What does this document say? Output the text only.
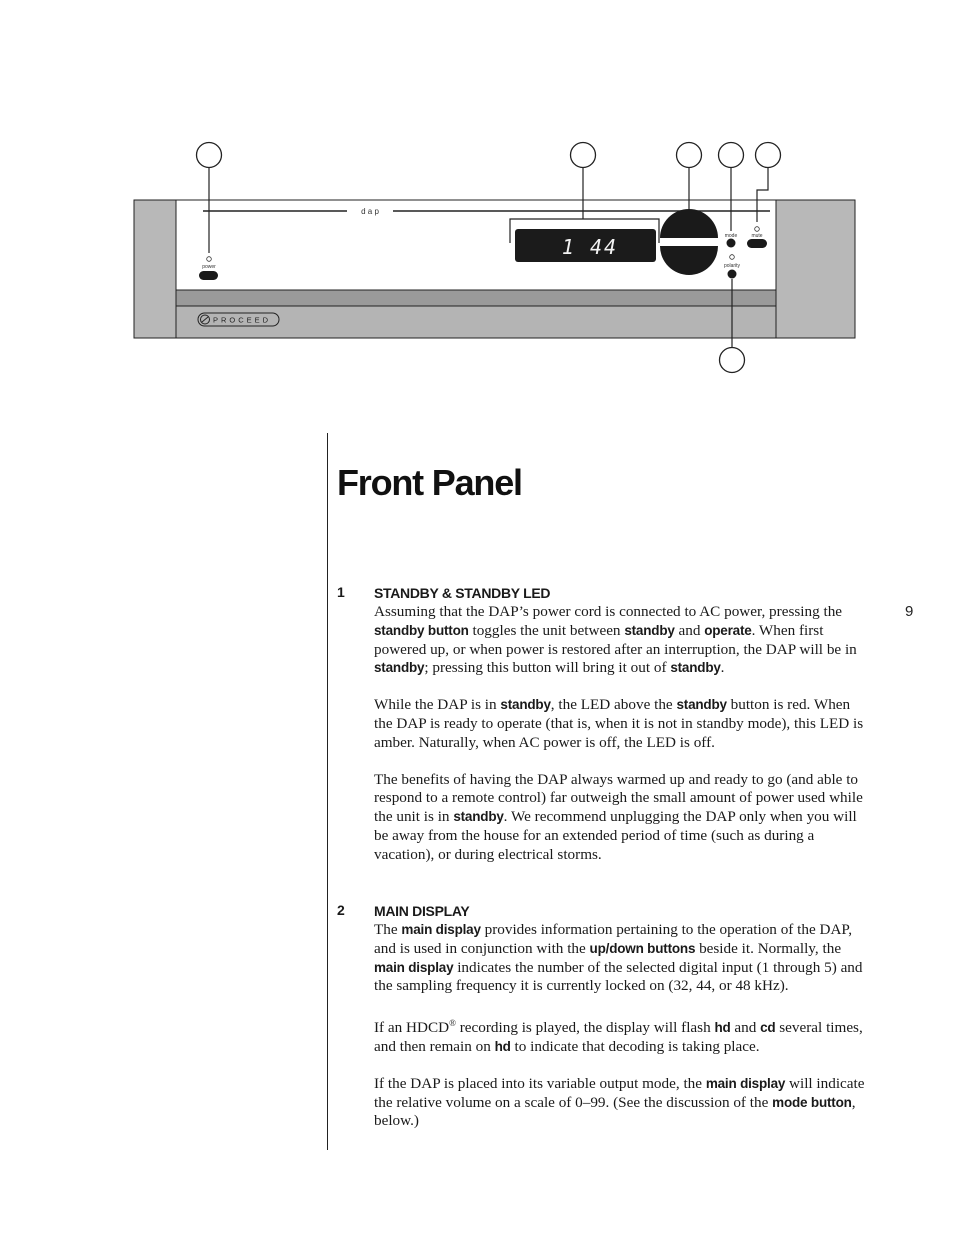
d a p
power
1 44	mode	mute
polarity
PROCEED
Front Panel
9
1 STANDBY & STANDBY LED

Assuming that the DAP’s power cord is connected to AC power, pressing the standby button toggles the unit between standby and operate. When first powered up, or when power is restored after an interruption, the DAP will be in standby; pressing this button will bring it out of standby.

While the DAP is in standby, the LED above the standby button is red. When the DAP is ready to operate (that is, when it is not in standby mode), this LED is amber. Naturally, when AC power is off, the LED is off.

The benefits of having the DAP always warmed up and ready to go (and able to respond to a remote control) far outweigh the small amount of power used while the unit is in standby. We recommend unplugging the DAP only when you will be away from the house for an extended period of time (such as during a vacation), or during electrical storms.

2 MAIN DISPLAY

The main display provides information pertaining to the operation of the DAP, and is used in conjunction with the up/down buttons beside it. Normally, the main display indicates the number of the selected digital input (1 through 5) and the sampling frequency it is currently locked on (32, 44, or 48 kHz).

If an HDCD® recording is played, the display will flash hd and cd several times, and then remain on hd to indicate that decoding is taking place.

If the DAP is placed into its variable output mode, the main display will indicate the relative volume on a scale of 0–99. (See the discussion of the mode button, below.)
